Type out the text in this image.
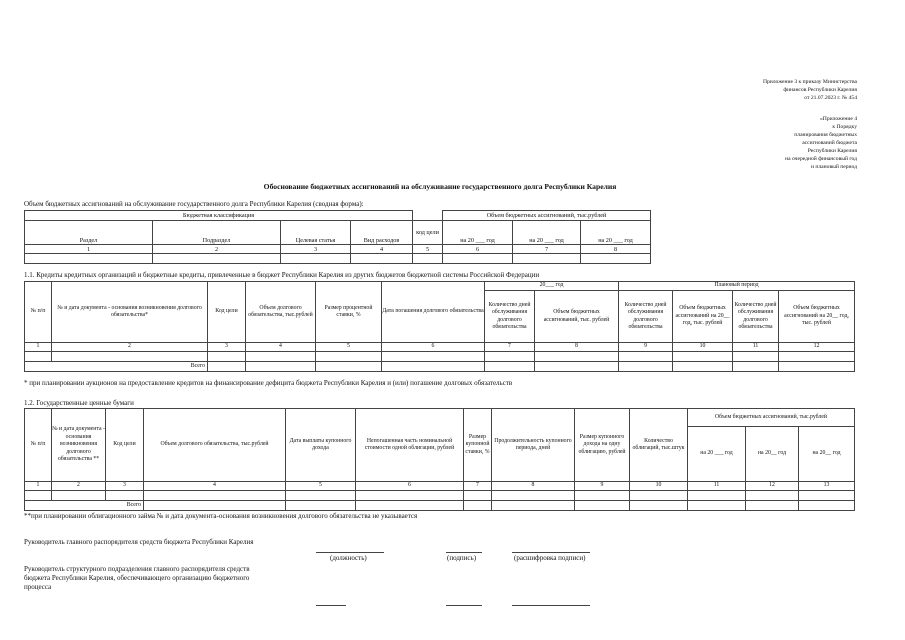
Приложение 3 к приказу Министерства
финансов Республики Карелия
от 21.07.2023 г. № 454
«Приложение 4
к Порядку
планирования бюджетных
ассигнований бюджета
Республики Карелия
на очередной финансовый год
и плановый период
Обоснование бюджетных ассигнований на обслуживание государственного долга Республики Карелия
Объем бюджетных ассигнований на обслуживание государственного долга Республики Карелия (сводная форма):
Бюджетная классификация					Объем бюджетных ассигнований, тыс.рублей		
Раздел	Подраздел	Целевая статья	Вид расходов	код цели	на 20 ___ год	на 20 ___ год	на 20 ___ год
1	2	3	4	5	6	7	8

1.1. Кредиты кредитных организаций и бюджетные кредиты, привлеченные в бюджет Республики Карелия из других бюджетов бюджетной системы Российской Федерации
№ п/п	№ и дата документа - основания возникновения долгового обязательства*	Код цели	Объем долгового обязательства, тыс.рублей	Размер процентной ставки, %	Дата погашения долгового обязательства	20___ год		Плановый период			
						Количество дней обслуживания долгового обязательства	Объем бюджетных ассигнований, тыс. рублей	Количество дней обслуживания долгового обязательства	Объем бюджетных ассигнований на 20__ год, тыс. рублей	Количество дней обслуживания долгового обязательства	Объем бюджетных ассигнований на 20__ год, тыс. рублей
1	2	3	4	5	6	7	8	9	10	11	12

Всего											
* при планировании аукционов на предоставление кредитов на финансирование дефицита бюджета Республики Карелия и (или) погашение долговых обязательств
1.2. Государственные ценные бумаги
№ п/п	№ и дата документа - основания возникновения долгового обязательства **	Код цели	Объем долгового обязательства, тыс.рублей	Дата выплаты купонного дохода	Непогашенная часть номинальной стоимости одной облигации, рублей	Размер купонной ставки, %	Продолжительность купонного периода, дней	Размер купонного дохода на одну облигацию, рублей	Количество облигаций, тыс.штук	Объем бюджетных ассигнований, тыс.рублей		
										на 20 ___ год	на 20__ год	на 20__ год
1	2	3	4	5	6	7	8	9	10	11	12	13

Всего												
**при планировании облигационного займа № и дата документа-основания возникновения долгового обязательства не указывается
Руководитель главного распорядителя средств бюджета Республики Карелия
(должность)	(подпись)	(расшифровка подписи)
Руководитель структурного подразделения главного распорядителя средств
бюджета Республики Карелия, обеспечивающего организацию бюджетного
процесса
